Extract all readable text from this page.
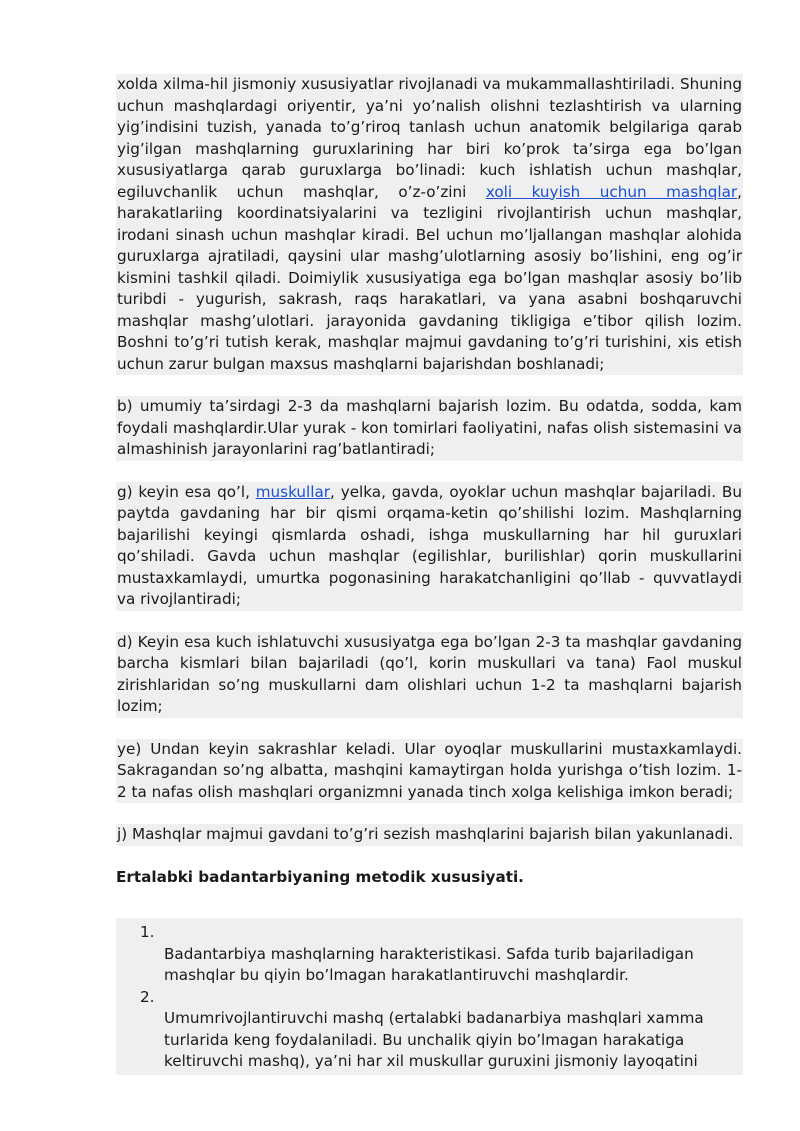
xolda xilma-hil jismoniy xususiyatlar rivojlanadi va mukammallashtiriladi. Shuning uchun mashqlardagi oriyentir, ya’ni yo’nalish olishni tezlashtirish va ularning yig’indisini tuzish, yanada to’g’riroq tanlash uchun anatomik belgilariga qarab yig’ilgan mashqlarning guruxlarining har biri ko’prok ta’sirga ega bo’lgan xususiyatlarga qarab guruxlarga bo’linadi: kuch ishlatish uchun mashqlar, egiluvchanlik uchun mashqlar, o’z-o’zini xoli kuyish uchun mashqlar, harakatlariing koordinatsiyalarini va tezligini rivojlantirish uchun mashqlar, irodani sinash uchun mashqlar kiradi. Bel uchun mo’ljallangan mashqlar alohida guruxlarga ajratiladi, qaysini ular mashg’ulotlarning asosiy bo’lishini, eng og’ir kismini tashkil qiladi. Doimiylik xususiyatiga ega bo’lgan mashqlar asosiy bo’lib turibdi - yugurish, sakrash, raqs harakatlari, va yana asabni boshqaruvchi mashqlar mashg’ulotlari. jarayonida gavdaning tikligiga e’tibor qilish lozim. Boshni to’g’ri tutish kerak, mashqlar majmui gavdaning to’g’ri turishini, xis etish uchun zarur bulgan maxsus mashqlarni bajarishdan boshlanadi;

b) umumiy ta’sirdagi 2-3 da mashqlarni bajarish lozim. Bu odatda, sodda, kam foydali mashqlardir.Ular yurak - kon tomirlari faoliyatini, nafas olish sistemasini va almashinish jarayonlarini rag’batlantiradi;

g) keyin esa qo’l, muskullar, yelka, gavda, oyoklar uchun mashqlar bajariladi. Bu paytda gavdaning har bir qismi orqama-ketin qo’shilishi lozim. Mashqlarning bajarilishi keyingi qismlarda oshadi, ishga muskullarning har hil guruxlari qo’shiladi. Gavda uchun mashqlar (egilishlar, burilishlar) qorin muskullarini mustaxkamlaydi, umurtka pogonasining harakatchanligini qo’llab - quvvatlaydi va rivojlantiradi;

d) Keyin esa kuch ishlatuvchi xususiyatga ega bo’lgan 2-3 ta mashqlar gavdaning barcha kismlari bilan bajariladi (qo’l, korin muskullari va tana) Faol muskul zirishlaridan so’ng muskullarni dam olishlari uchun 1-2 ta mashqlarni bajarish lozim;

ye) Undan keyin sakrashlar keladi. Ular oyoqlar muskullarini mustaxkamlaydi. Sakragandan so’ng albatta, mashqini kamaytirgan hoIda yurishga o’tish lozim. 1-2 ta nafas olish mashqlari organizmni yanada tinch xolga kelishiga imkon beradi;

j) Mashqlar majmui gavdani to’g’ri sezish mashqlarini bajarish bilan yakunlanadi.

Ertalabki badantarbiyaning metodik xususiyati.

1.
Badantarbiya mashqlarning harakteristikasi. Safda turib bajariladigan mashqlar bu qiyin bo’lmagan harakatlantiruvchi mashqlardir.
2.
Umumrivojlantiruvchi mashq (ertalabki badanarbiya mashqlari xamma turlarida keng foydalaniladi. Bu unchalik qiyin bo’lmagan harakatiga keltiruvchi mashq), ya’ni har xil muskullar guruxini jismoniy layoqatini
